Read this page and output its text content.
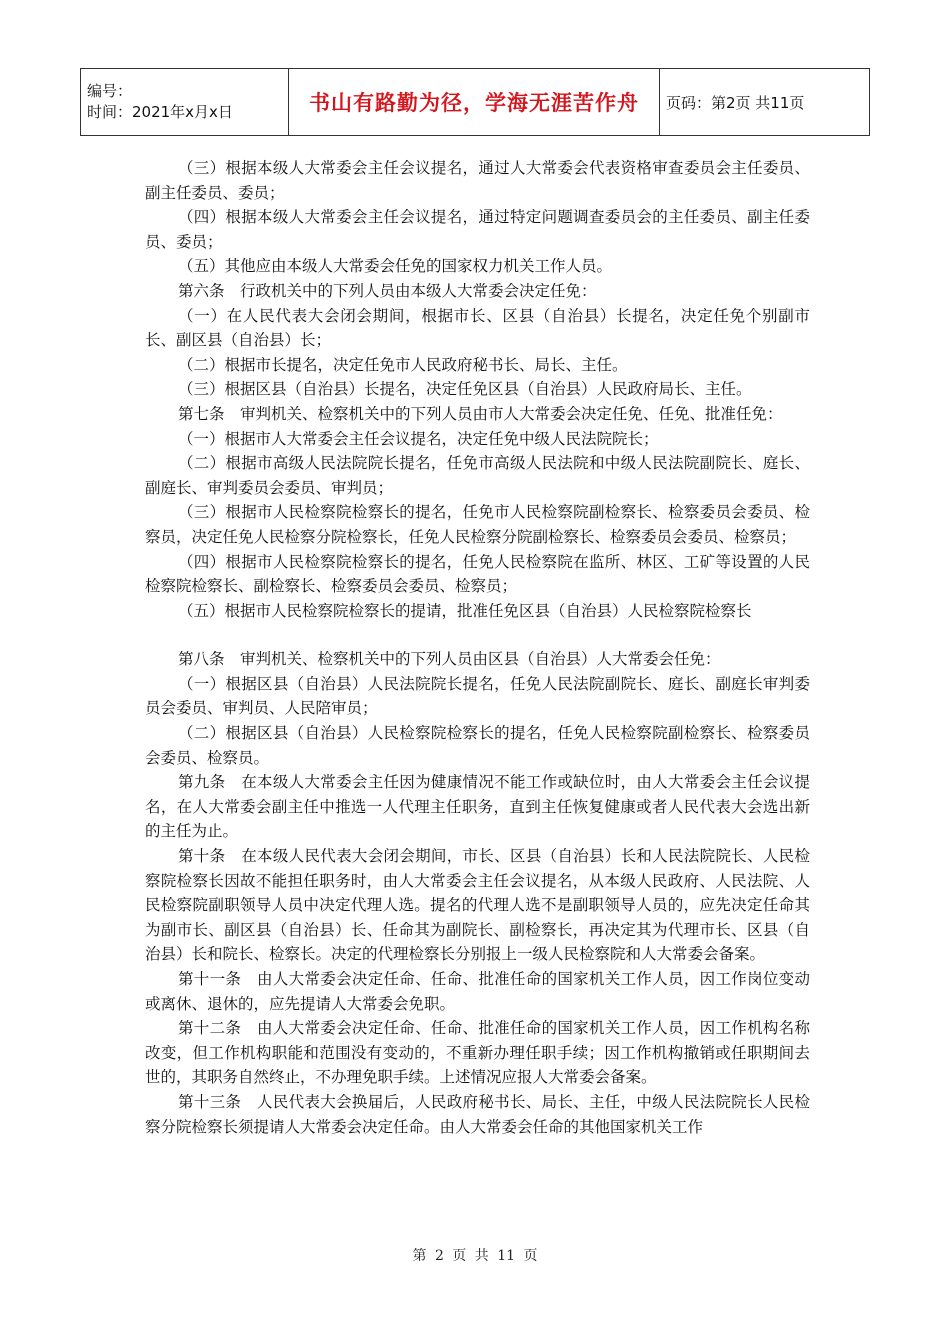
编号：
时间：2021年x月x日	书山有路勤为径，学海无涯苦作舟	页码：第2页 共11页

（三）根据本级人大常委会主任会议提名，通过人大常委会代表资格审查委员会主任委员、副主任委员、委员；

（四）根据本级人大常委会主任会议提名，通过特定问题调查委员会的主任委员、副主任委员、委员；

（五）其他应由本级人大常委会任免的国家权力机关工作人员。

第六条　行政机关中的下列人员由本级人大常委会决定任免：

（一）在人民代表大会闭会期间，根据市长、区县（自治县）长提名，决定任免个别副市长、副区县（自治县）长；

（二）根据市长提名，决定任免市人民政府秘书长、局长、主任。

（三）根据区县（自治县）长提名，决定任免区县（自治县）人民政府局长、主任。

第七条　审判机关、检察机关中的下列人员由市人大常委会决定任免、任免、批准任免：

（一）根据市人大常委会主任会议提名，决定任免中级人民法院院长；

（二）根据市高级人民法院院长提名，任免市高级人民法院和中级人民法院副院长、庭长、副庭长、审判委员会委员、审判员；

（三）根据市人民检察院检察长的提名，任免市人民检察院副检察长、检察委员会委员、检察员，决定任免人民检察分院检察长，任免人民检察分院副检察长、检察委员会委员、检察员；

（四）根据市人民检察院检察长的提名，任免人民检察院在监所、林区、工矿等设置的人民检察院检察长、副检察长、检察委员会委员、检察员；

（五）根据市人民检察院检察长的提请，批准任免区县（自治县）人民检察院检察长

第八条　审判机关、检察机关中的下列人员由区县（自治县）人大常委会任免：

（一）根据区县（自治县）人民法院院长提名，任免人民法院副院长、庭长、副庭长审判委员会委员、审判员、人民陪审员；

（二）根据区县（自治县）人民检察院检察长的提名，任免人民检察院副检察长、检察委员会委员、检察员。

第九条　在本级人大常委会主任因为健康情况不能工作或缺位时，由人大常委会主任会议提名，在人大常委会副主任中推选一人代理主任职务，直到主任恢复健康或者人民代表大会选出新的主任为止。

第十条　在本级人民代表大会闭会期间，市长、区县（自治县）长和人民法院院长、人民检察院检察长因故不能担任职务时，由人大常委会主任会议提名，从本级人民政府、人民法院、人民检察院副职领导人员中决定代理人选。提名的代理人选不是副职领导人员的，应先决定任命其为副市长、副区县（自治县）长、任命其为副院长、副检察长，再决定其为代理市长、区县（自治县）长和院长、检察长。决定的代理检察长分别报上一级人民检察院和人大常委会备案。

第十一条　由人大常委会决定任命、任命、批准任命的国家机关工作人员，因工作岗位变动或离休、退休的，应先提请人大常委会免职。

第十二条　由人大常委会决定任命、任命、批准任命的国家机关工作人员，因工作机构名称改变，但工作机构职能和范围没有变动的，不重新办理任职手续；因工作机构撤销或任职期间去世的，其职务自然终止，不办理免职手续。上述情况应报人大常委会备案。

第十三条　人民代表大会换届后，人民政府秘书长、局长、主任，中级人民法院院长人民检察分院检察长须提请人大常委会决定任命。由人大常委会任命的其他国家机关工作

第 2 页 共 11 页
